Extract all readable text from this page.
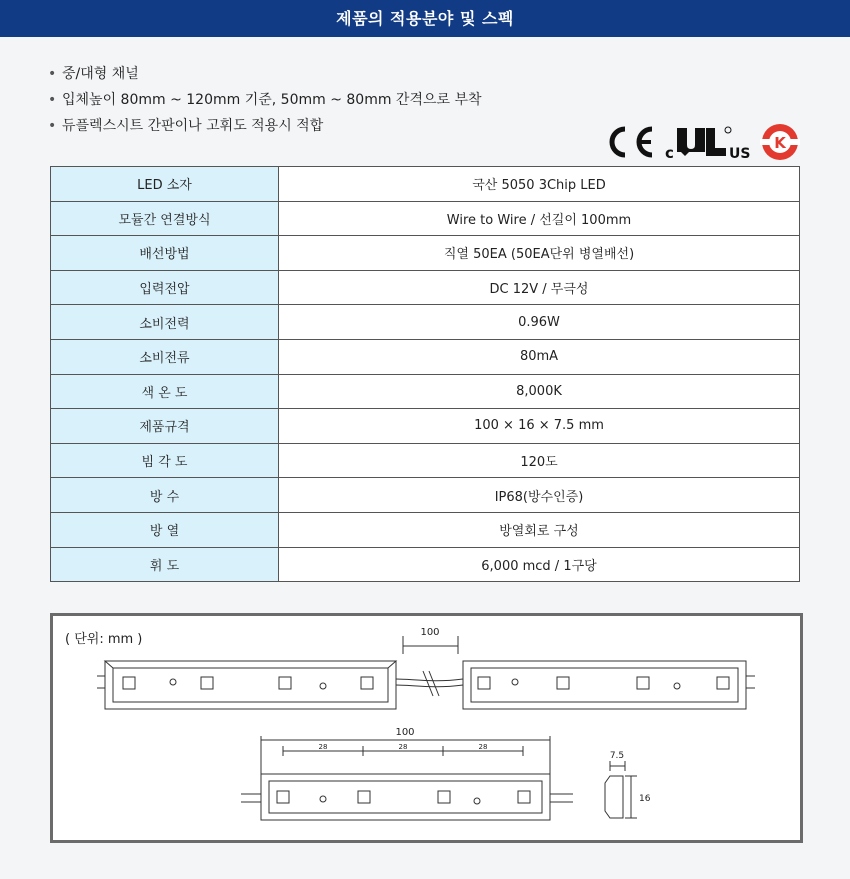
제품의 적용분야 및 스펙
• 중/대형 채널
• 입체높이 80mm ~ 120mm 기준, 50mm ~ 80mm 간격으로 부착
• 듀플렉스시트 간판이나 고휘도 적용시 적합
c	US
K
LED 소자	국산 5050 3Chip LED
모듈간 연결방식	Wire to Wire / 선길이 100mm
배선방법	직열 50EA (50EA단위 병열배선)
입력전압	DC 12V / 무극성
소비전력	0.96W
소비전류	80mA
색 온 도	8,000K
제품규격	100 × 16 × 7.5 mm
빔 각 도	120도
방 수	IP68(방수인증)
방 열	방열회로 구성
휘 도	6,000 mcd / 1구당
( 단위: mm )	100
100
28	28	28
7.5
16
